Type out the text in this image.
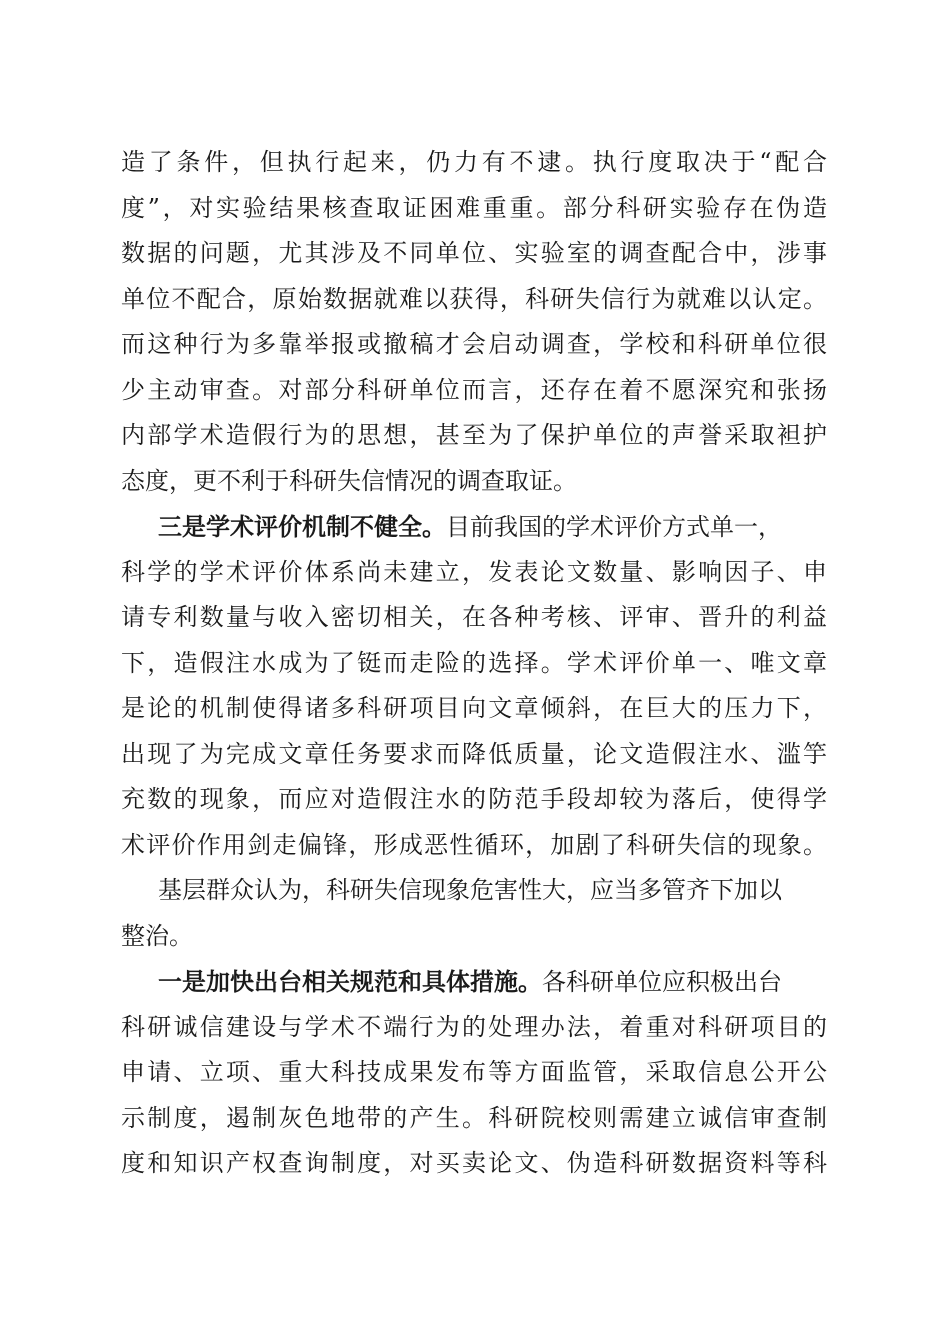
造了条件，但执行起来，仍力有不逮。执行度取决于“配合
度”，对实验结果核查取证困难重重。部分科研实验存在伪造
数据的问题，尤其涉及不同单位、实验室的调查配合中，涉事
单位不配合，原始数据就难以获得，科研失信行为就难以认定。
而这种行为多靠举报或撤稿才会启动调查，学校和科研单位很
少主动审查。对部分科研单位而言，还存在着不愿深究和张扬
内部学术造假行为的思想，甚至为了保护单位的声誉采取袒护
态度，更不利于科研失信情况的调查取证。
三是学术评价机制不健全。目前我国的学术评价方式单一，
科学的学术评价体系尚未建立，发表论文数量、影响因子、申
请专利数量与收入密切相关，在各种考核、评审、晋升的利益
下，造假注水成为了铤而走险的选择。学术评价单一、唯文章
是论的机制使得诸多科研项目向文章倾斜，在巨大的压力下，
出现了为完成文章任务要求而降低质量，论文造假注水、滥竽
充数的现象，而应对造假注水的防范手段却较为落后，使得学
术评价作用剑走偏锋，形成恶性循环，加剧了科研失信的现象。
基层群众认为，科研失信现象危害性大，应当多管齐下加以
整治。
一是加快出台相关规范和具体措施。各科研单位应积极出台
科研诚信建设与学术不端行为的处理办法，着重对科研项目的
申请、立项、重大科技成果发布等方面监管，采取信息公开公
示制度，遏制灰色地带的产生。科研院校则需建立诚信审查制
度和知识产权查询制度，对买卖论文、伪造科研数据资料等科
